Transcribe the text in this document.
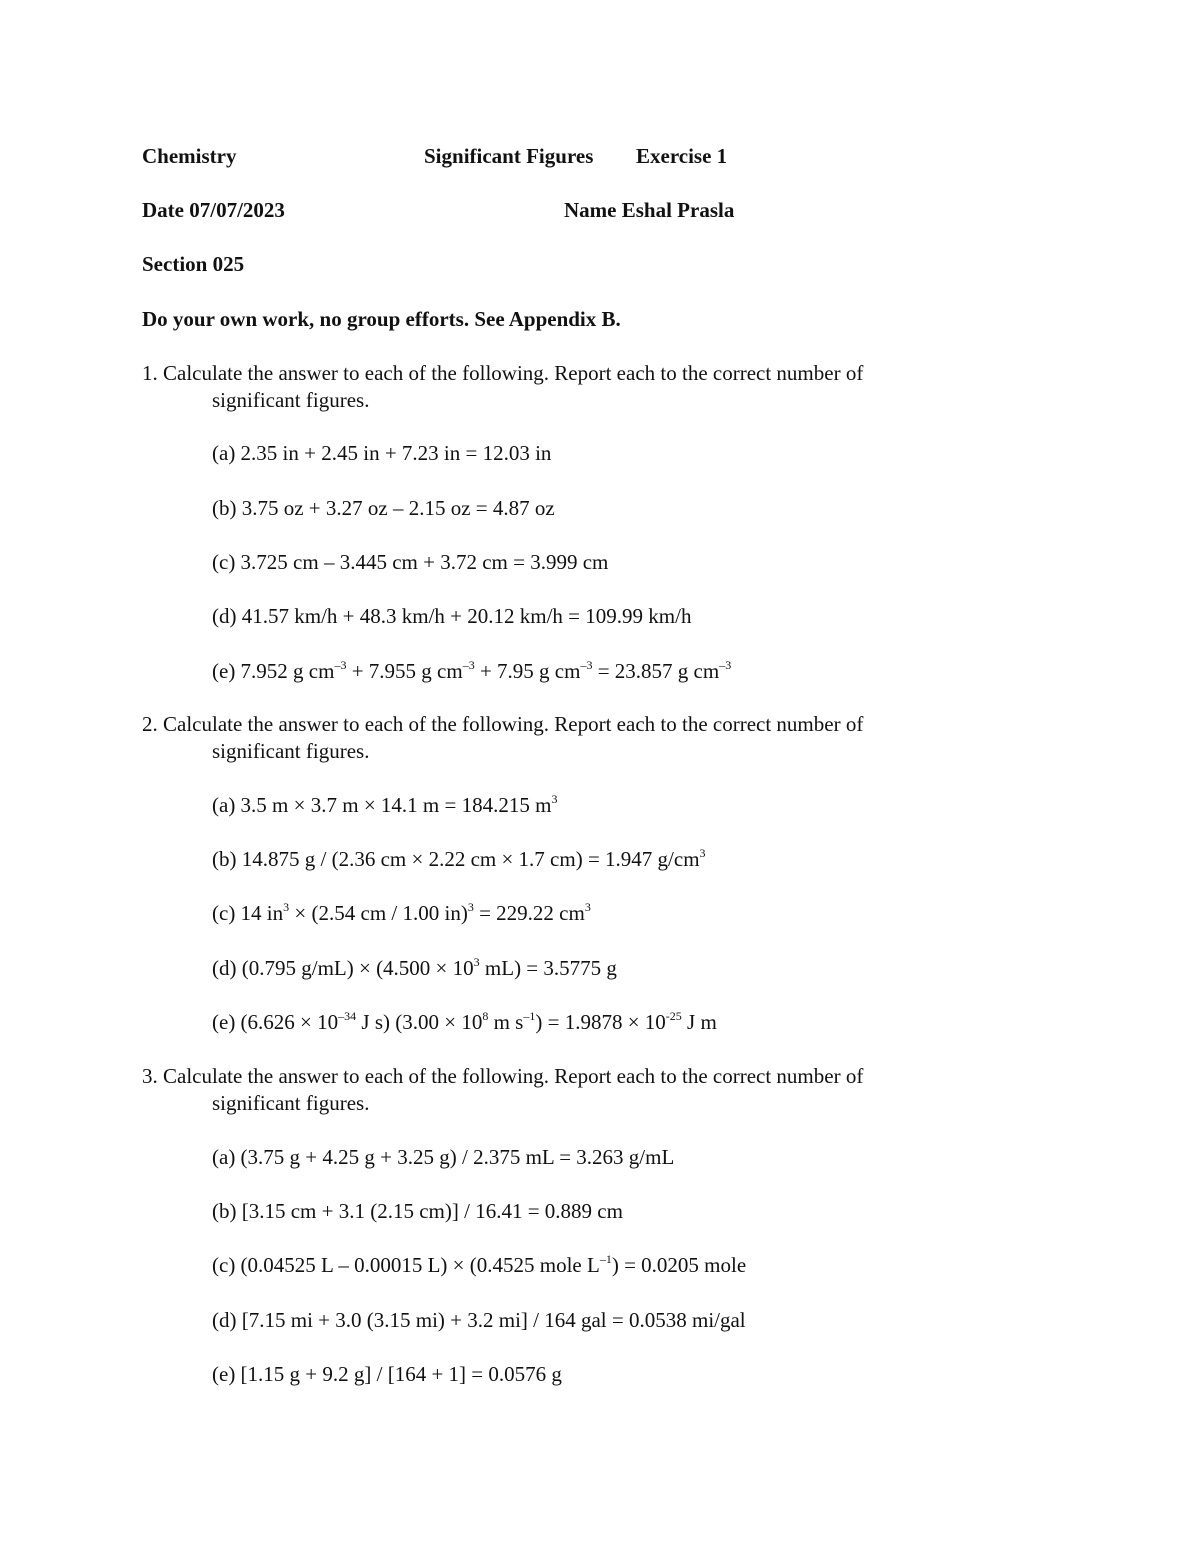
Chemistry	Significant Figures Exercise 1
Date 07/07/2023	Name Eshal Prasla
Section 025
Do your own work, no group efforts. See Appendix B.
1. Calculate the answer to each of the following. Report each to the correct number of
significant figures.
(a) 2.35 in + 2.45 in + 7.23 in = 12.03 in
(b) 3.75 oz + 3.27 oz – 2.15 oz = 4.87 oz
(c) 3.725 cm – 3.445 cm + 3.72 cm = 3.999 cm
(d) 41.57 km/h + 48.3 km/h + 20.12 km/h = 109.99 km/h
(e) 7.952 g $cm^{-3} + 7.955$ g $cm^{-3} + 7.95$ g $cm^{-3} = 23.857$ g $cm^{-3}$
2. Calculate the answer to each of the following. Report each to the correct number of
significant figures.
(a) 3.5 m × 3.7 m × 14.1 m = 184.215 $m^3$
(b) 14.875 g / (2.36 cm × 2.22 cm × 1.7 cm) = 1.947 $g/cm^3$
(c) 14 $in^3 \times (2.54$ cm / 1.00 in)$^3$ = 229.22 $cm^3$
(d) (0.795 $g/mL) \times (4.500 \times 10^3$ mL) = 3.5775 g
(e) ($6.626 \times 10^{-34}$ J s) ($3.00 \times 10^8$ m $s^{-1}) = 1.9878 \times 10^{-25}$ J m
3. Calculate the answer to each of the following. Report each to the correct number of
significant figures.
(a) (3.75 g + 4.25 g + 3.25 g) / 2.375 mL = 3.263 g/mL
(b) [3.15 cm + 3.1 (2.15 cm)] / 16.41 = 0.889 cm
(c) (0.04525 L – 0.00015 L) × (0.4525 mole $L^{-1}) = 0.0205$ mole
(d) [7.15 mi + 3.0 (3.15 mi) + 3.2 mi] / 164 gal = 0.0538 mi/gal
(e) [1.15 g + 9.2 g] / [164 + 1] = 0.0576 g
